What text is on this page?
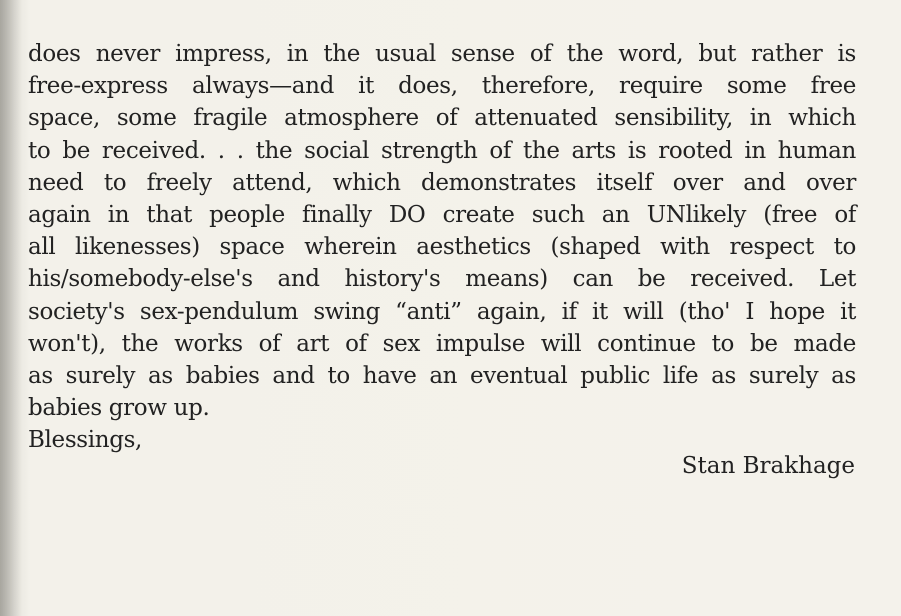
does never impress, in the usual sense of the word, but rather is
free-express always—and it does, therefore, require some free
space, some fragile atmosphere of attenuated sensibility, in which
to be received. . . the social strength of the arts is rooted in human
need to freely attend, which demonstrates itself over and over
again in that people finally DO create such an UNlikely (free of
all likenesses) space wherein aesthetics (shaped with respect to
his/somebody-else's and history's means) can be received. Let
society's sex-pendulum swing “anti” again, if it will (tho' I hope it
won't), the works of art of sex impulse will continue to be made
as surely as babies and to have an eventual public life as surely as
babies grow up.
Blessings,
Stan Brakhage
